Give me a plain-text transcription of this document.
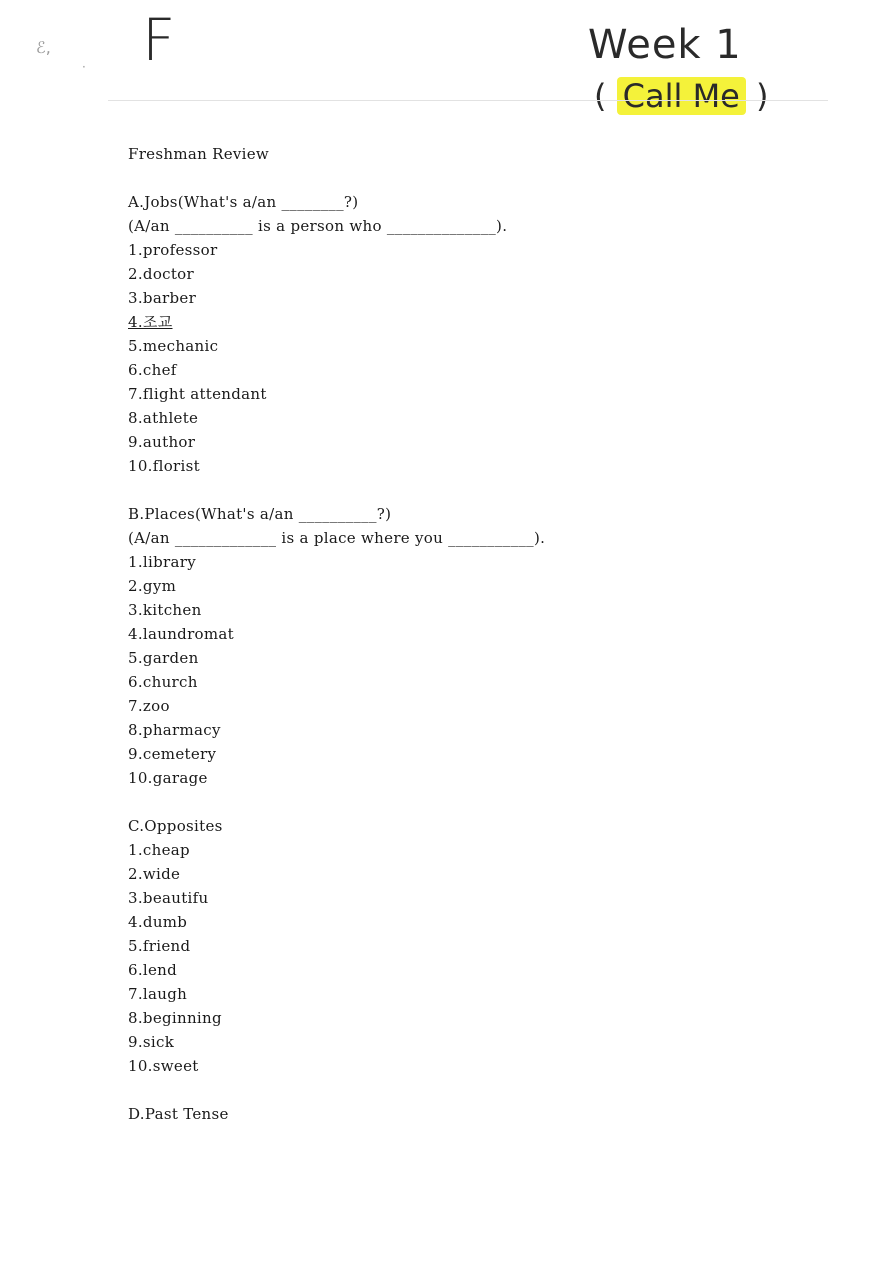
ℰ,
· F	Week 1
( Call Me )
Freshman Review
A.Jobs(What's a/an ________?)
(A/an __________ is a person who ______________).
1.professor
2.doctor
3.barber
4.조교
5.mechanic
6.chef
7.flight attendant
8.athlete
9.author
10.florist
B.Places(What's a/an __________?)
(A/an _____________ is a place where you ___________).
1.library
2.gym
3.kitchen
4.laundromat
5.garden
6.church
7.zoo
8.pharmacy
9.cemetery
10.garage
C.Opposites
1.cheap
2.wide
3.beautifu
4.dumb
5.friend
6.lend
7.laugh
8.beginning
9.sick
10.sweet
D.Past Tense
